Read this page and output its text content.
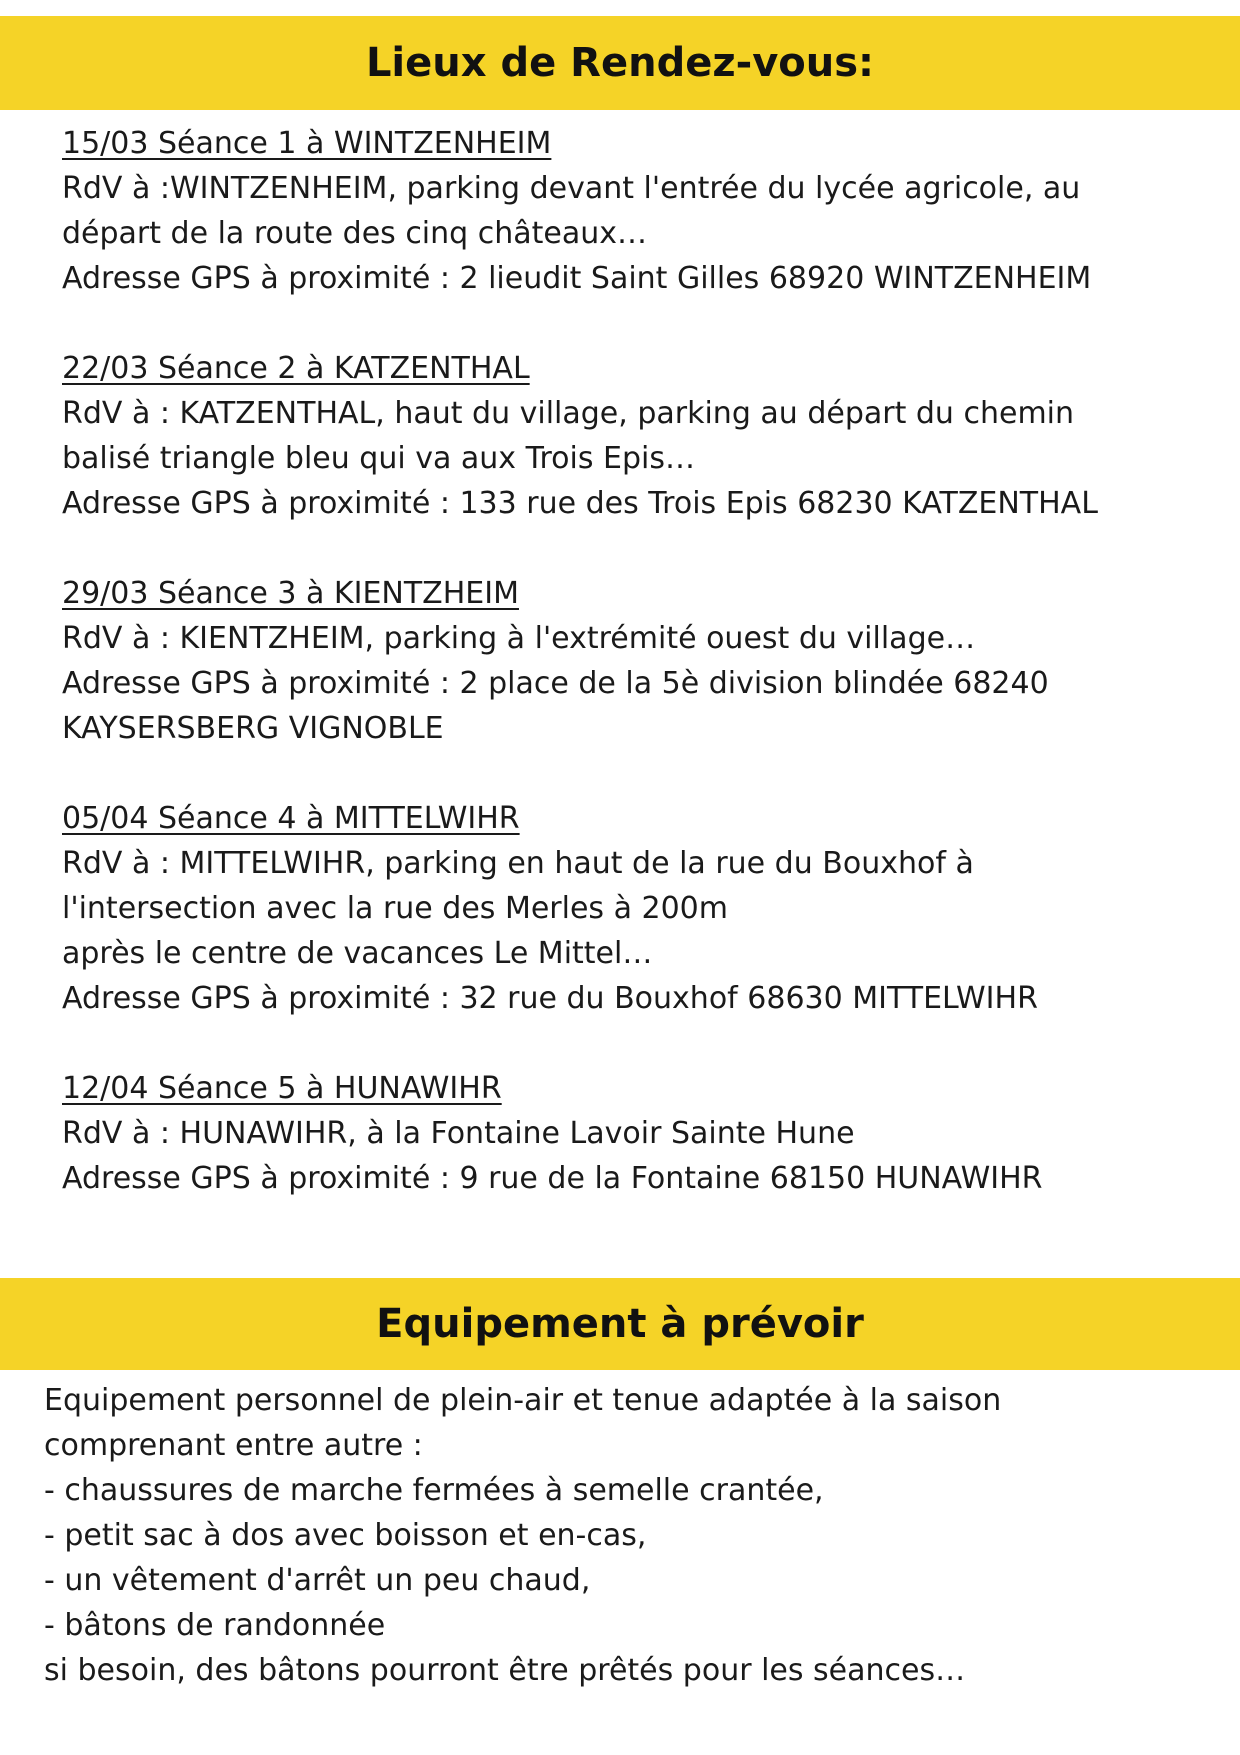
Lieux de Rendez-vous:

15/03 Séance 1 à WINTZENHEIM

RdV à :WINTZENHEIM, parking devant l'entrée du lycée agricole, au

départ de la route des cinq châteaux…

Adresse GPS à proximité : 2 lieudit Saint Gilles 68920 WINTZENHEIM

22/03 Séance 2 à KATZENTHAL

RdV à : KATZENTHAL, haut du village, parking au départ du chemin

balisé triangle bleu qui va aux Trois Epis…

Adresse GPS à proximité : 133 rue des Trois Epis 68230 KATZENTHAL

29/03 Séance 3 à KIENTZHEIM

RdV à : KIENTZHEIM, parking à l'extrémité ouest du village…

Adresse GPS à proximité : 2 place de la 5è division blindée 68240

KAYSERSBERG VIGNOBLE

05/04 Séance 4 à MITTELWIHR

RdV à : MITTELWIHR, parking en haut de la rue du Bouxhof à

l'intersection avec la rue des Merles à 200m

après le centre de vacances Le Mittel…

Adresse GPS à proximité : 32 rue du Bouxhof 68630 MITTELWIHR

12/04 Séance 5 à HUNAWIHR

RdV à : HUNAWIHR, à la Fontaine Lavoir Sainte Hune

Adresse GPS à proximité : 9 rue de la Fontaine 68150 HUNAWIHR

Equipement à prévoir

Equipement personnel de plein-air et tenue adaptée à la saison

comprenant entre autre :

- chaussures de marche fermées à semelle crantée,

- petit sac à dos avec boisson et en-cas,

- un vêtement d'arrêt un peu chaud,

- bâtons de randonnée

si besoin, des bâtons pourront être prêtés pour les séances…
